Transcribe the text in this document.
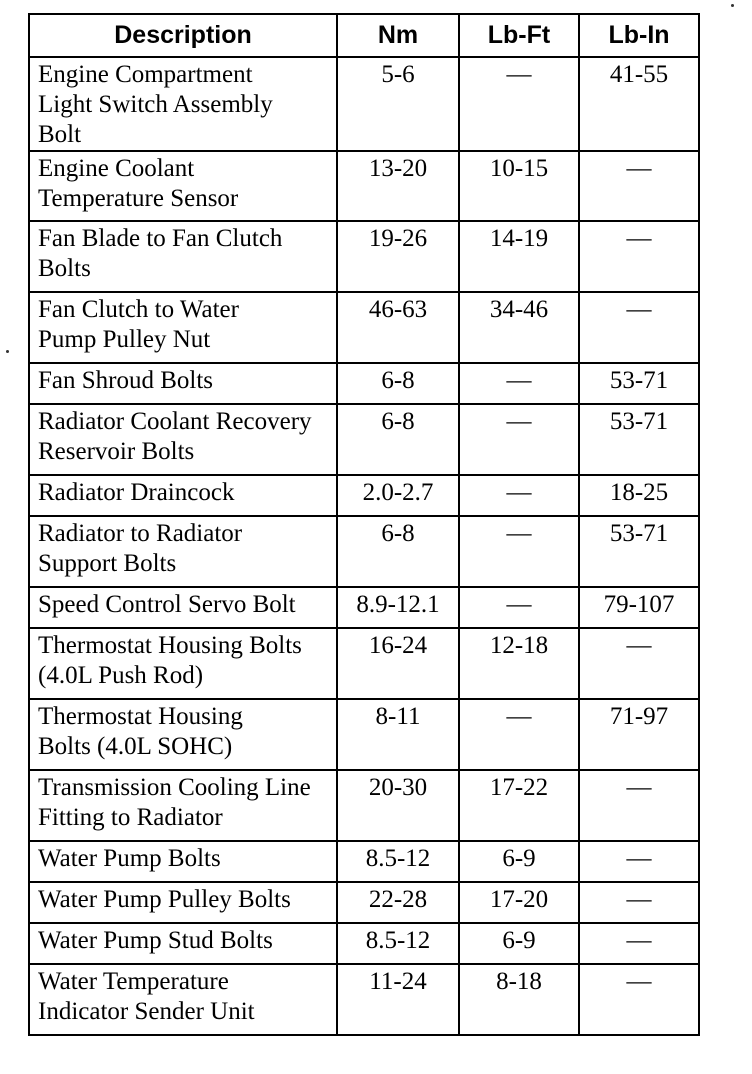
Description	Nm	Lb-Ft	Lb-In
Engine Compartment Light Switch Assembly Bolt	5-6	—	41-55
Engine Coolant Temperature Sensor	13-20	10-15	—
Fan Blade to Fan Clutch Bolts	19-26	14-19	—
Fan Clutch to Water Pump Pulley Nut	46-63	34-46	—
Fan Shroud Bolts	6-8	—	53-71
Radiator Coolant Recovery Reservoir Bolts	6-8	—	53-71
Radiator Draincock	2.0-2.7	—	18-25
Radiator to Radiator Support Bolts	6-8	—	53-71
Speed Control Servo Bolt	8.9-12.1	—	79-107
Thermostat Housing Bolts (4.0L Push Rod)	16-24	12-18	—
Thermostat Housing Bolts (4.0L SOHC)	8-11	—	71-97
Transmission Cooling Line Fitting to Radiator	20-30	17-22	—
Water Pump Bolts	8.5-12	6-9	—
Water Pump Pulley Bolts	22-28	17-20	—
Water Pump Stud Bolts	8.5-12	6-9	—
Water Temperature Indicator Sender Unit	11-24	8-18	—
